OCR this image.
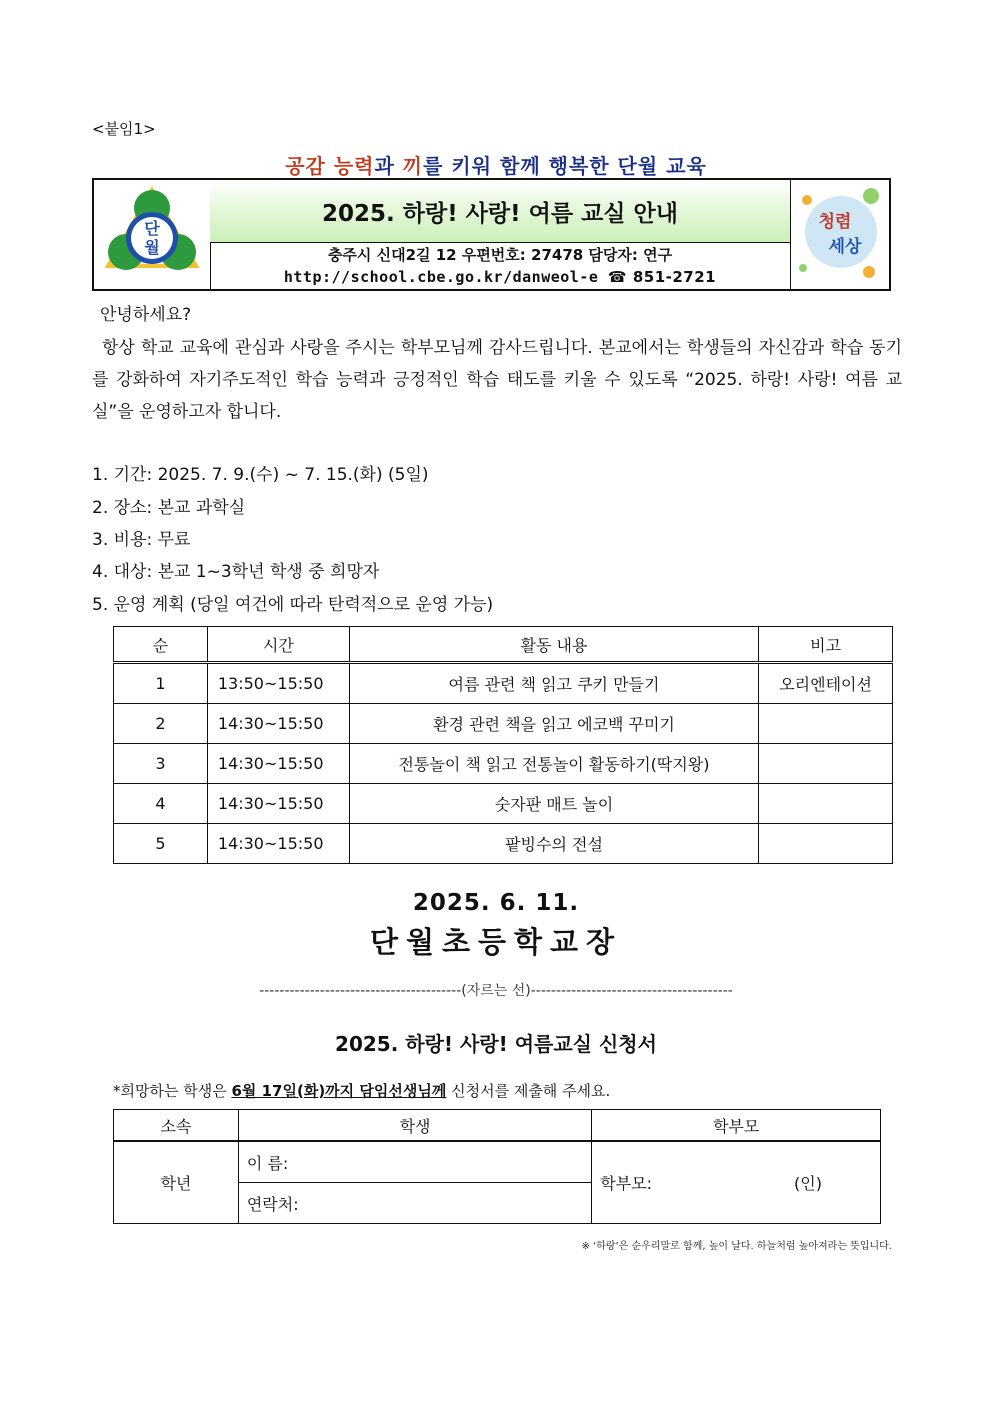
<붙임1>
공감 능력과 끼를 키워 함께 행복한 단월 교육
단
월
2025. 하랑! 사랑! 여름 교실 안내
충주시 신대2길 12 우편번호: 27478 담당자: 연구
http://school.cbe.go.kr/danweol-e ☎ 851-2721
청렴
세상
안녕하세요?
항상 학교 교육에 관심과 사랑을 주시는 학부모님께 감사드립니다. 본교에서는 학생들의 자신감과 학습 동기를 강화하여 자기주도적인 학습 능력과 긍정적인 학습 태도를 키울 수 있도록 “2025. 하랑! 사랑! 여름 교실”을 운영하고자 합니다.
1. 기간: 2025. 7. 9.(수) ~ 7. 15.(화) (5일)
2. 장소: 본교 과학실
3. 비용: 무료
4. 대상: 본교 1~3학년 학생 중 희망자
5. 운영 계획 (당일 여건에 따라 탄력적으로 운영 가능)
순	시간	활동 내용	비고
1	13:50~15:50	여름 관련 책 읽고 쿠키 만들기	오리엔테이션
2	14:30~15:50	환경 관련 책을 읽고 에코백 꾸미기	
3	14:30~15:50	전통놀이 책 읽고 전통놀이 활동하기(딱지왕)	
4	14:30~15:50	숫자판 매트 놀이	
5	14:30~15:50	팥빙수의 전설	
2025. 6. 11.
단월초등학교장
----------------------------------------(자르는 선)----------------------------------------
2025. 하랑! 사랑! 여름교실 신청서
*희망하는 학생은 6월 17일(화)까지 담임선생님께 신청서를 제출해 주세요.
소속	학생	학부모
학년	이 름:	학부모: (인)

	연락처:	
※ ‘하랑’은 순우리말로 함께, 높이 날다. 하늘처럼 높아져라는 뜻입니다.
